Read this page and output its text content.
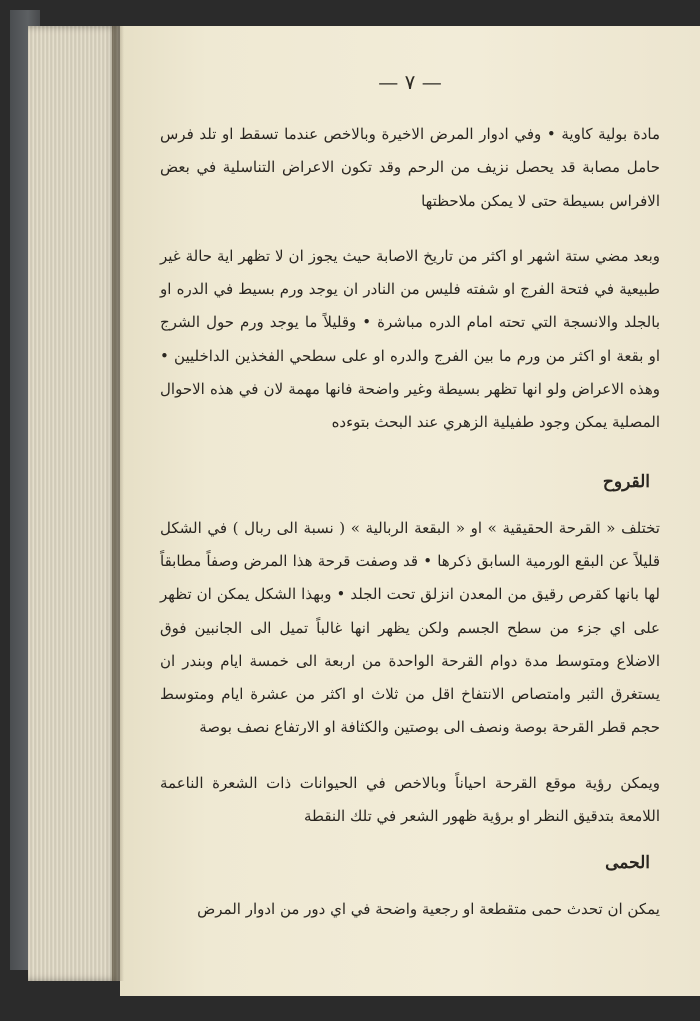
— ٧ —

مادة بولية كاوية • وفي ادوار المرض الاخيرة وبالاخص عندما تسقط او تلد فرس حامل مصابة قد يحصل نزيف من الرحم وقد تكون الاعراض التناسلية في بعض الافراس بسيطة حتى لا يمكن ملاحظتها

وبعد مضي ستة اشهر او اكثر من تاريخ الاصابة حيث يجوز ان لا تظهر اية حالة غير طبيعية في فتحة الفرج او شفته فليس من النادر ان يوجد ورم بسيط في الدره او بالجلد والانسجة التي تحته امام الدره مباشرة • وقليلاً ما يوجد ورم حول الشرج او بقعة او اكثر من ورم ما بين الفرج والدره او على سطحي الفخذين الداخليين • وهذه الاعراض ولو انها تظهر بسيطة وغير واضحة فانها مهمة لان في هذه الاحوال المصلية يمكن وجود طفيلية الزهري عند البحث بتوءده

القروح

تختلف « القرحة الحقيقية » او « البقعة الربالية » ( نسبة الى ربال ) في الشكل قليلاً عن البقع الورمية السابق ذكرها • قد وصفت قرحة هذا المرض وصفاً مطابقاً لها بانها كقرص رقيق من المعدن انزلق تحت الجلد • وبهذا الشكل يمكن ان تظهر على اي جزء من سطح الجسم ولكن يظهر انها غالباً تميل الى الجانبين فوق الاضلاع ومتوسط مدة دوام القرحة الواحدة من اربعة الى خمسة ايام وبندر ان يستغرق الثبر وامتصاص الانتفاخ اقل من ثلاث او اكثر من عشرة ايام ومتوسط حجم قطر القرحة بوصة ونصف الى بوصتين والكثافة او الارتفاع نصف بوصة

ويمكن رؤية موقع القرحة احياناً وبالاخص في الحيوانات ذات الشعرة الناعمة اللامعة بتدقيق النظر او برؤية ظهور الشعر في تلك النقطة

الحمى

يمكن ان تحدث حمى متقطعة او رجعية واضحة في اي دور من ادوار المرض
